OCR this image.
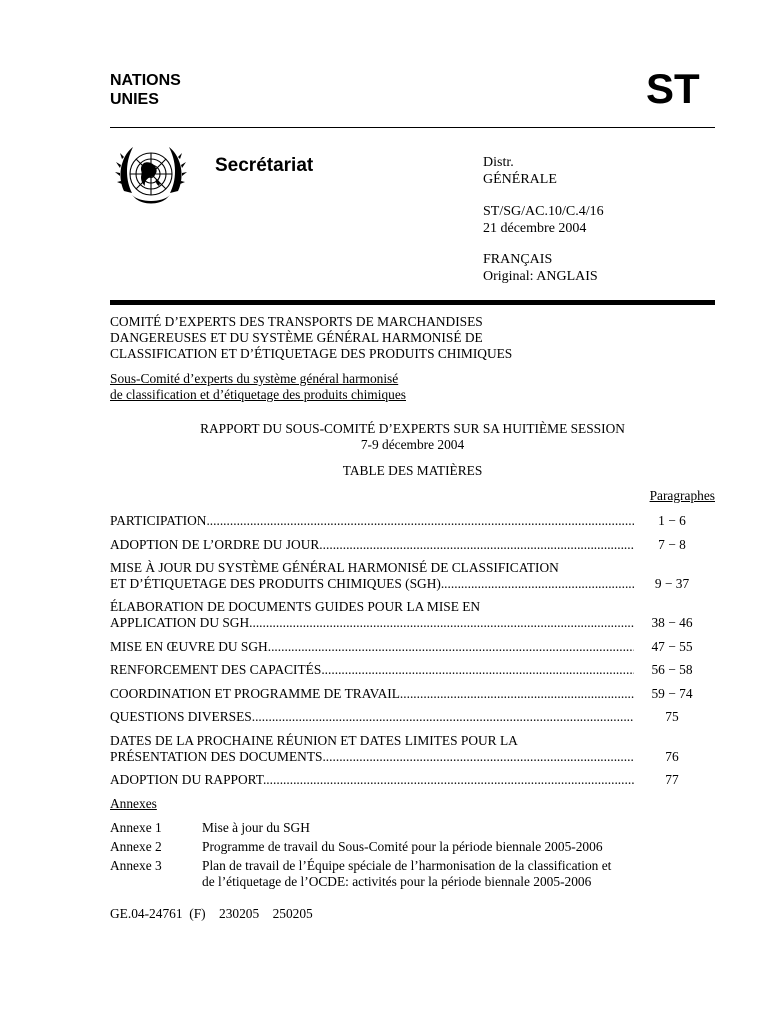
NATIONS
UNIES	ST
Secrétariat	Distr.
GÉNÉRALE
ST/SG/AC.10/C.4/16
21 décembre 2004
FRANÇAIS
Original: ANGLAIS
COMITÉ D’EXPERTS DES TRANSPORTS DE MARCHANDISES
DANGEREUSES ET DU SYSTÈME GÉNÉRAL HARMONISÉ DE
CLASSIFICATION ET D’ÉTIQUETAGE DES PRODUITS CHIMIQUES
Sous-Comité d’experts du système général harmonisé
de classification et d’étiquetage des produits chimiques
RAPPORT DU SOUS-COMITÉ D’EXPERTS SUR SA HUITIÈME SESSION
7-9 décembre 2004
TABLE DES MATIÈRES
Paragraphes
PARTICIPATION .....	1 − 6
ADOPTION DE L’ORDRE DU JOUR .....	7 − 8
MISE À JOUR DU SYSTÈME GÉNÉRAL HARMONISÉ DE CLASSIFICATION
ET D’ÉTIQUETAGE DES PRODUITS CHIMIQUES (SGH) .....	9 − 37
ÉLABORATION DE DOCUMENTS GUIDES POUR LA MISE EN
APPLICATION DU SGH .....	38 − 46
MISE EN ŒUVRE DU SGH .....	47 − 55
RENFORCEMENT DES CAPACITÉS .....	56 − 58
COORDINATION ET PROGRAMME DE TRAVAIL .....	59 − 74
QUESTIONS DIVERSES .....	75
DATES DE LA PROCHAINE RÉUNION ET DATES LIMITES POUR LA
PRÉSENTATION DES DOCUMENTS .....	76
ADOPTION DU RAPPORT .....	77
Annexes
Annexe 1	Mise à jour du SGH
Annexe 2	Programme de travail du Sous-Comité pour la période biennale 2005-2006
Annexe 3	Plan de travail de l’Équipe spéciale de l’harmonisation de la classification et
de l’étiquetage de l’OCDE: activités pour la période biennale 2005-2006
GE.04-24761 (F) 230205 250205
